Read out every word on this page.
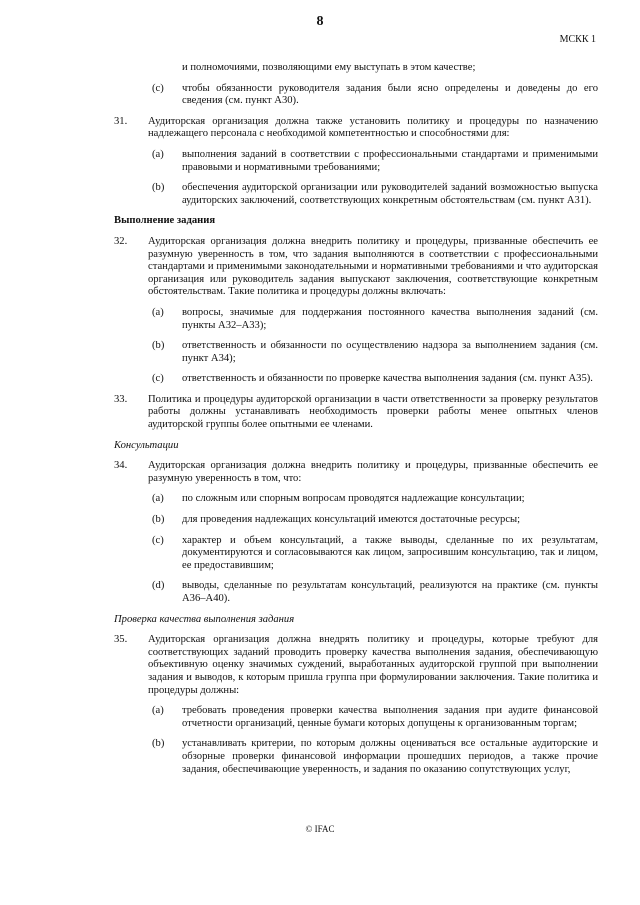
8
МСКК 1
и полномочиями, позволяющими ему выступать в этом качестве;
(c) чтобы обязанности руководителя задания были ясно определены и доведены до его сведения (см. пункт A30).
31. Аудиторская организация должна также установить политику и процедуры по назначению надлежащего персонала с необходимой компетентностью и способностями для:
(a) выполнения заданий в соответствии с профессиональными стандартами и применимыми правовыми и нормативными требованиями;
(b) обеспечения аудиторской организации или руководителей заданий возможностью выпуска аудиторских заключений, соответствующих конкретным обстоятельствам (см. пункт A31).
Выполнение задания
32. Аудиторская организация должна внедрить политику и процедуры, призванные обеспечить ее разумную уверенность в том, что задания выполняются в соответствии с профессиональными стандартами и применимыми законодательными и нормативными требованиями и что аудиторская организация или руководитель задания выпускают заключения, соответствующие конкретным обстоятельствам. Такие политика и процедуры должны включать:
(a) вопросы, значимые для поддержания постоянного качества выполнения заданий (см. пункты A32–A33);
(b) ответственность и обязанности по осуществлению надзора за выполнением задания (см. пункт A34);
(c) ответственность и обязанности по проверке качества выполнения задания (см. пункт A35).
33. Политика и процедуры аудиторской организации в части ответственности за проверку результатов работы должны устанавливать необходимость проверки работы менее опытных членов аудиторской группы более опытными ее членами.
Консультации
34. Аудиторская организация должна внедрить политику и процедуры, призванные обеспечить ее разумную уверенность в том, что:
(a) по сложным или спорным вопросам проводятся надлежащие консультации;
(b) для проведения надлежащих консультаций имеются достаточные ресурсы;
(c) характер и объем консультаций, а также выводы, сделанные по их результатам, документируются и согласовываются как лицом, запросившим консультацию, так и лицом, ее предоставившим;
(d) выводы, сделанные по результатам консультаций, реализуются на практике (см. пункты A36–A40).
Проверка качества выполнения задания
35. Аудиторская организация должна внедрять политику и процедуры, которые требуют для соответствующих заданий проводить проверку качества выполнения задания, обеспечивающую объективную оценку значимых суждений, выработанных аудиторской группой при выполнении задания и выводов, к которым пришла группа при формулировании заключения. Такие политика и процедуры должны:
(a) требовать проведения проверки качества выполнения задания при аудите финансовой отчетности организаций, ценные бумаги которых допущены к организованным торгам;
(b) устанавливать критерии, по которым должны оцениваться все остальные аудиторские и обзорные проверки финансовой информации прошедших периодов, а также прочие задания, обеспечивающие уверенность, и задания по оказанию сопутствующих услуг,
© IFAC
